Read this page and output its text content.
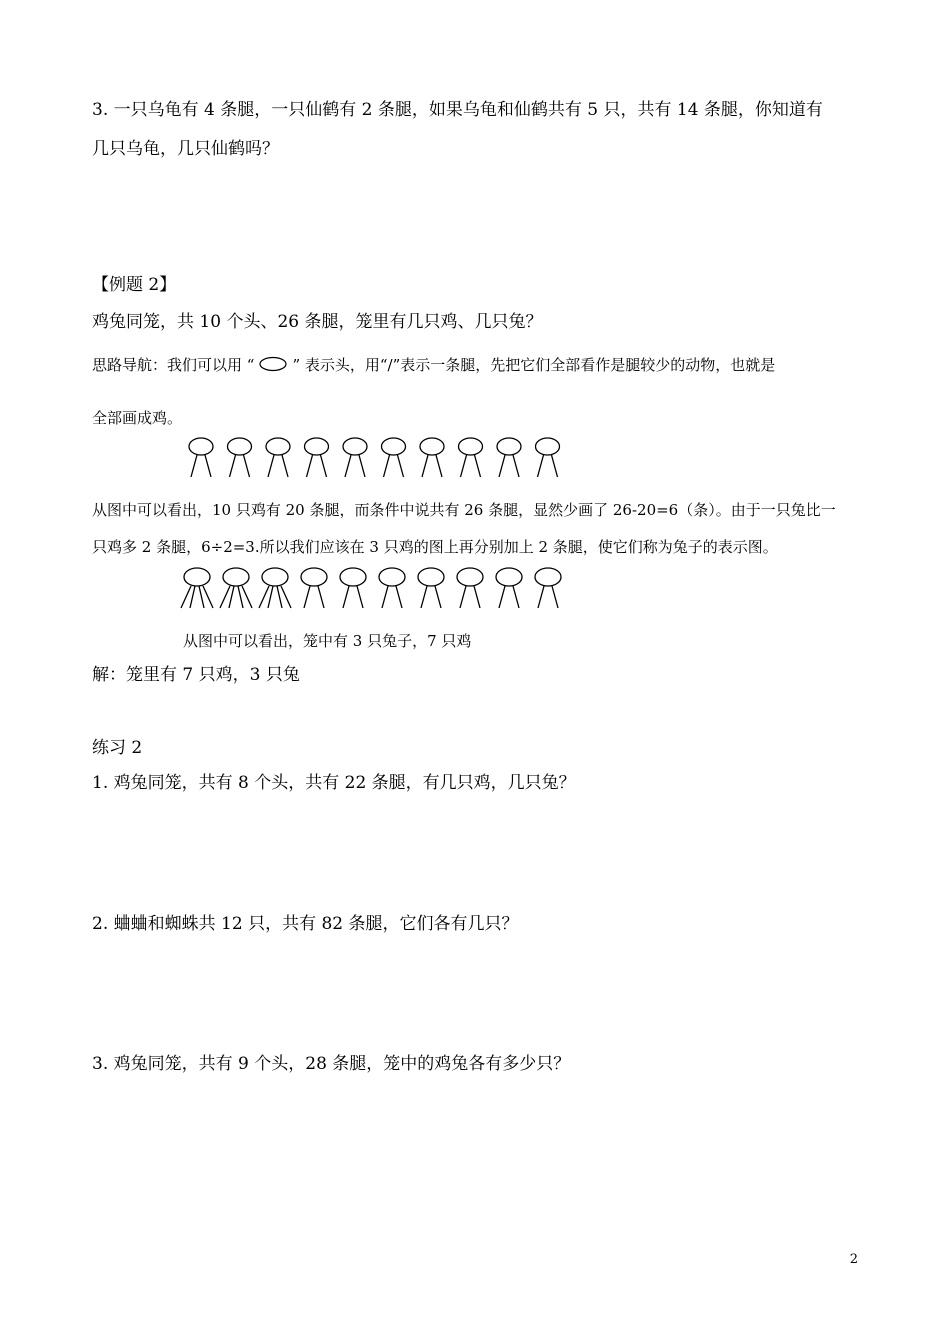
3. 一只乌龟有 4 条腿，一只仙鹤有 2 条腿，如果乌龟和仙鹤共有 5 只，共有 14 条腿，你知道有
几只乌龟，几只仙鹤吗？
【例题 2】
鸡兔同笼，共 10 个头、26 条腿，笼里有几只鸡、几只兔？
思路导航：我们可以用 “	” 表示头，用“/”表示一条腿，先把它们全部看作是腿较少的动物，也就是
全部画成鸡。
从图中可以看出，10 只鸡有 20 条腿，而条件中说共有 26 条腿，显然少画了 26-20=6（条）。由于一只兔比一
只鸡多 2 条腿，6÷2=3.所以我们应该在 3 只鸡的图上再分别加上 2 条腿，使它们称为兔子的表示图。
从图中可以看出，笼中有 3 只兔子，7 只鸡
解：笼里有 7 只鸡，3 只兔
练习 2
1. 鸡兔同笼，共有 8 个头，共有 22 条腿，有几只鸡，几只兔？
2. 蛐蛐和蜘蛛共 12 只，共有 82 条腿，它们各有几只？
3. 鸡兔同笼，共有 9 个头，28 条腿，笼中的鸡兔各有多少只？
2
